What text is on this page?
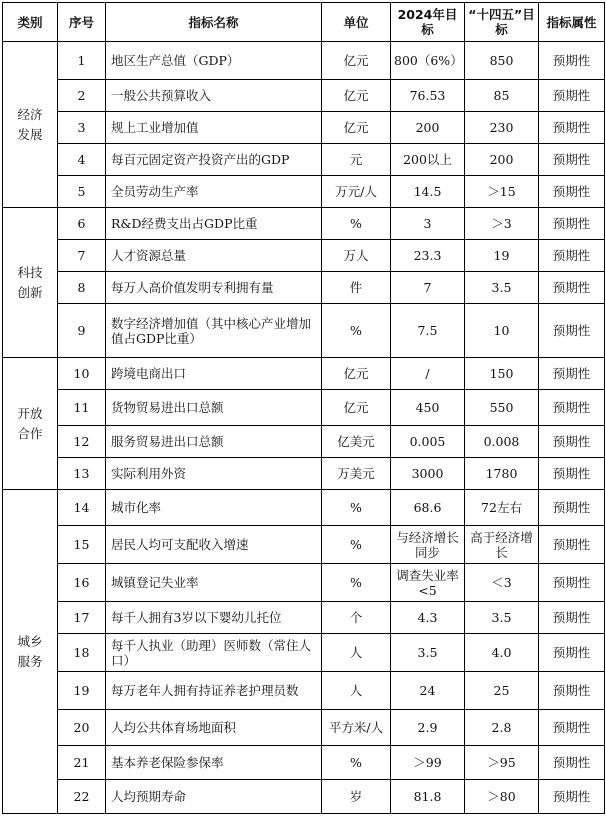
类别	序号	指标名称	单位	2024年目标	“十四五”目标	指标属性
经济发展	1	地区生产总值（GDP）	亿元	800（6%）	850	预期性
	2	一般公共预算收入	亿元	76.53	85	预期性
	3	规上工业增加值	亿元	200	230	预期性
	4	每百元固定资产投资产出的GDP	元	200以上	200	预期性
	5	全员劳动生产率	万元/人	14.5	＞15	预期性
科技创新	6	R&D经费支出占GDP比重	%	3	＞3	预期性
	7	人才资源总量	万人	23.3	19	预期性
	8	每万人高价值发明专利拥有量	件	7	3.5	预期性
	9	数字经济增加值（其中核心产业增加值占GDP比重）	%	7.5	10	预期性
开放合作	10	跨境电商出口	亿元	/	150	预期性
	11	货物贸易进出口总额	亿元	450	550	预期性
	12	服务贸易进出口总额	亿美元	0.005	0.008	预期性
	13	实际利用外资	万美元	3000	1780	预期性
城乡服务	14	城市化率	%	68.6	72左右	预期性
	15	居民人均可支配收入增速	%	与经济增长同步	高于经济增长	预期性
	16	城镇登记失业率	%	调查失业率<5	＜3	预期性
	17	每千人拥有3岁以下婴幼儿托位	个	4.3	3.5	预期性
	18	每千人执业（助理）医师数（常住人口）	人	3.5	4.0	预期性
	19	每万老年人拥有持证养老护理员数	人	24	25	预期性
	20	人均公共体育场地面积	平方米/人	2.9	2.8	预期性
	21	基本养老保险参保率	%	＞99	＞95	预期性
	22	人均预期寿命	岁	81.8	＞80	预期性
